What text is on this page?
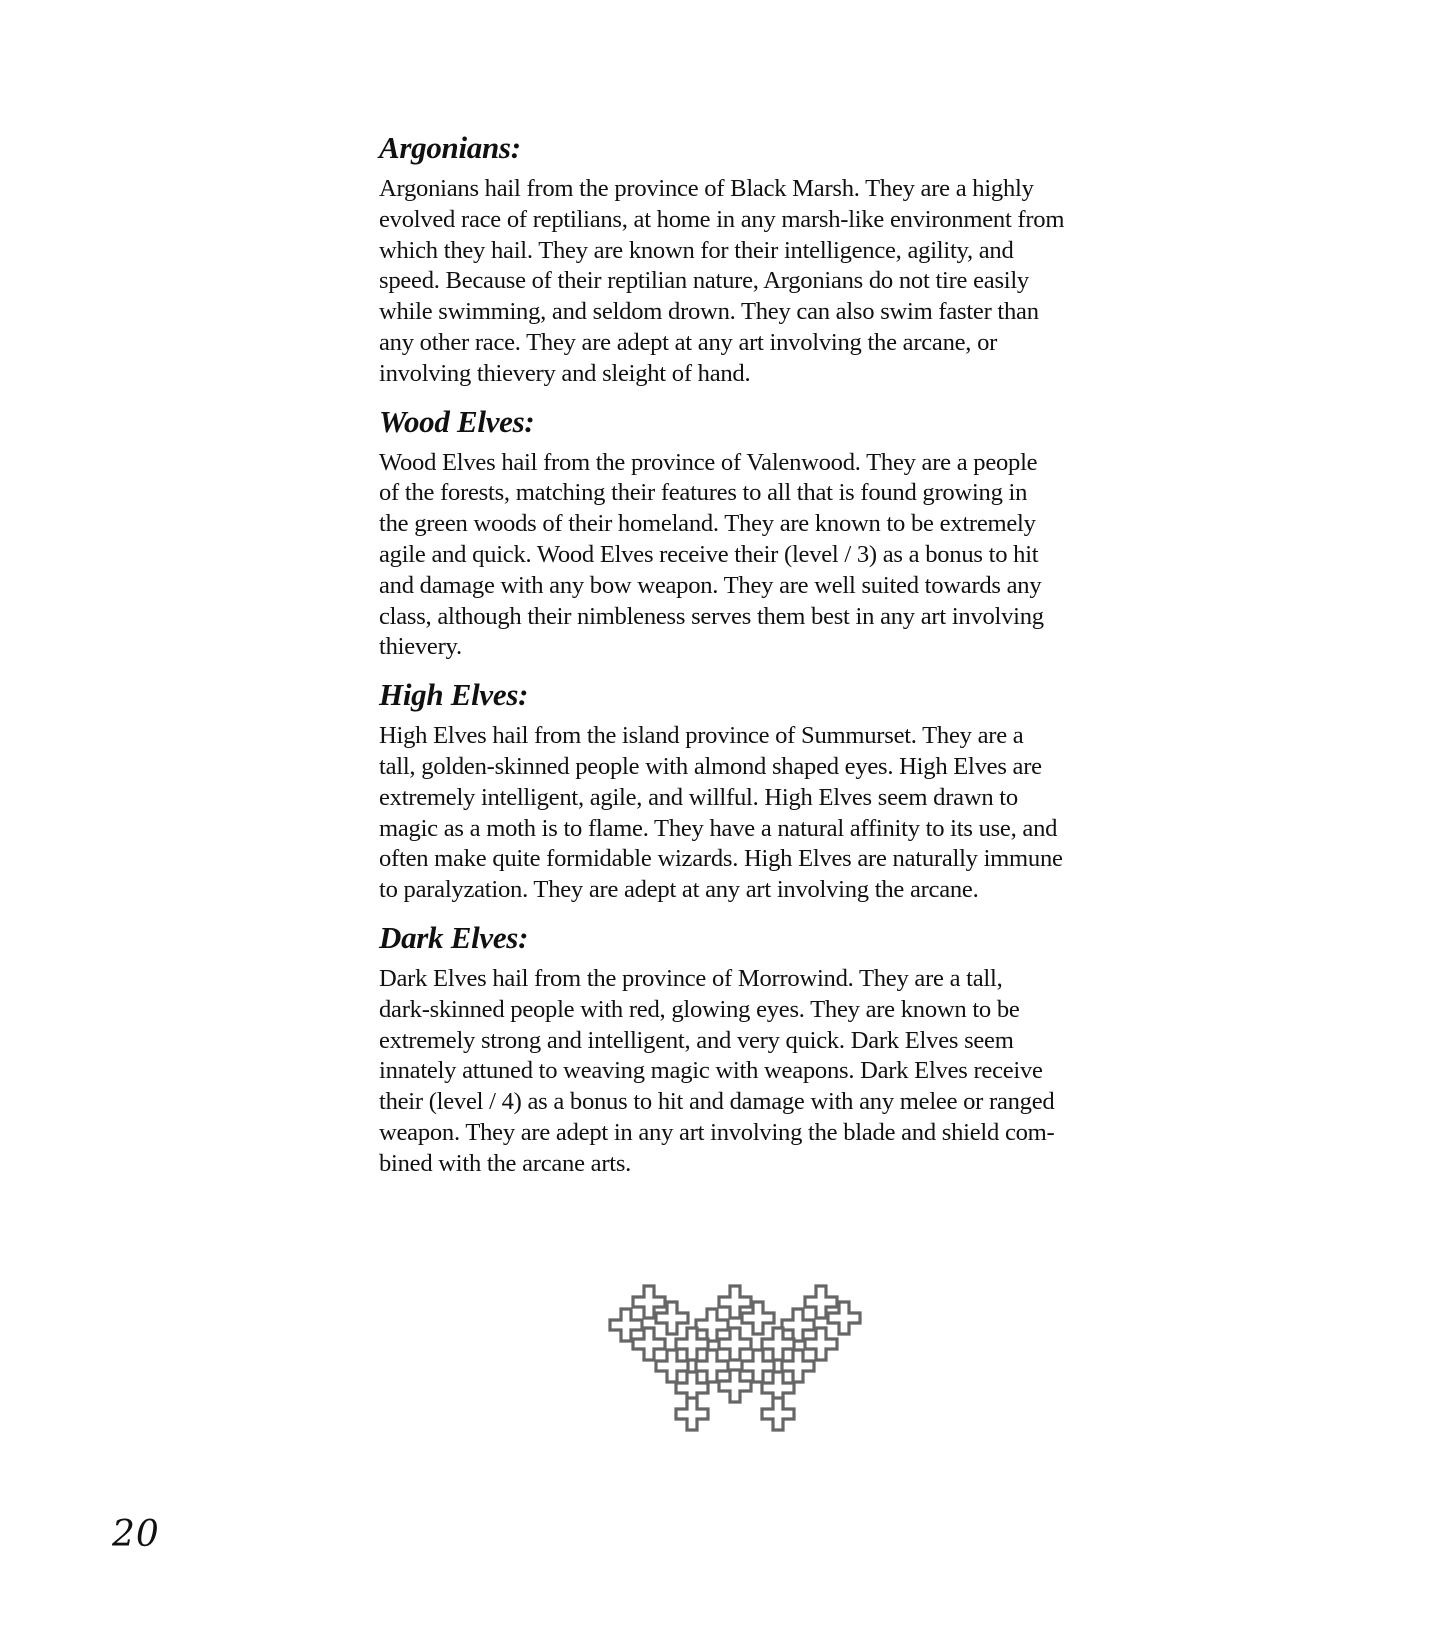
Argonians:

Argonians hail from the province of Black Marsh. They are a highly
evolved race of reptilians, at home in any marsh-like environment from
which they hail. They are known for their intelligence, agility, and
speed. Because of their reptilian nature, Argonians do not tire easily
while swimming, and seldom drown. They can also swim faster than
any other race. They are adept at any art involving the arcane, or
involving thievery and sleight of hand.

Wood Elves:

Wood Elves hail from the province of Valenwood. They are a people
of the forests, matching their features to all that is found growing in
the green woods of their homeland. They are known to be extremely
agile and quick. Wood Elves receive their (level / 3) as a bonus to hit
and damage with any bow weapon. They are well suited towards any
class, although their nimbleness serves them best in any art involving
thievery.

High Elves:

High Elves hail from the island province of Summurset. They are a
tall, golden-skinned people with almond shaped eyes. High Elves are
extremely intelligent, agile, and willful. High Elves seem drawn to
magic as a moth is to flame. They have a natural affinity to its use, and
often make quite formidable wizards. High Elves are naturally immune
to paralyzation. They are adept at any art involving the arcane.

Dark Elves:

Dark Elves hail from the province of Morrowind. They are a tall,
dark-skinned people with red, glowing eyes. They are known to be
extremely strong and intelligent, and very quick. Dark Elves seem
innately attuned to weaving magic with weapons. Dark Elves receive
their (level / 4) as a bonus to hit and damage with any melee or ranged
weapon. They are adept in any art involving the blade and shield com-
bined with the arcane arts.

20
